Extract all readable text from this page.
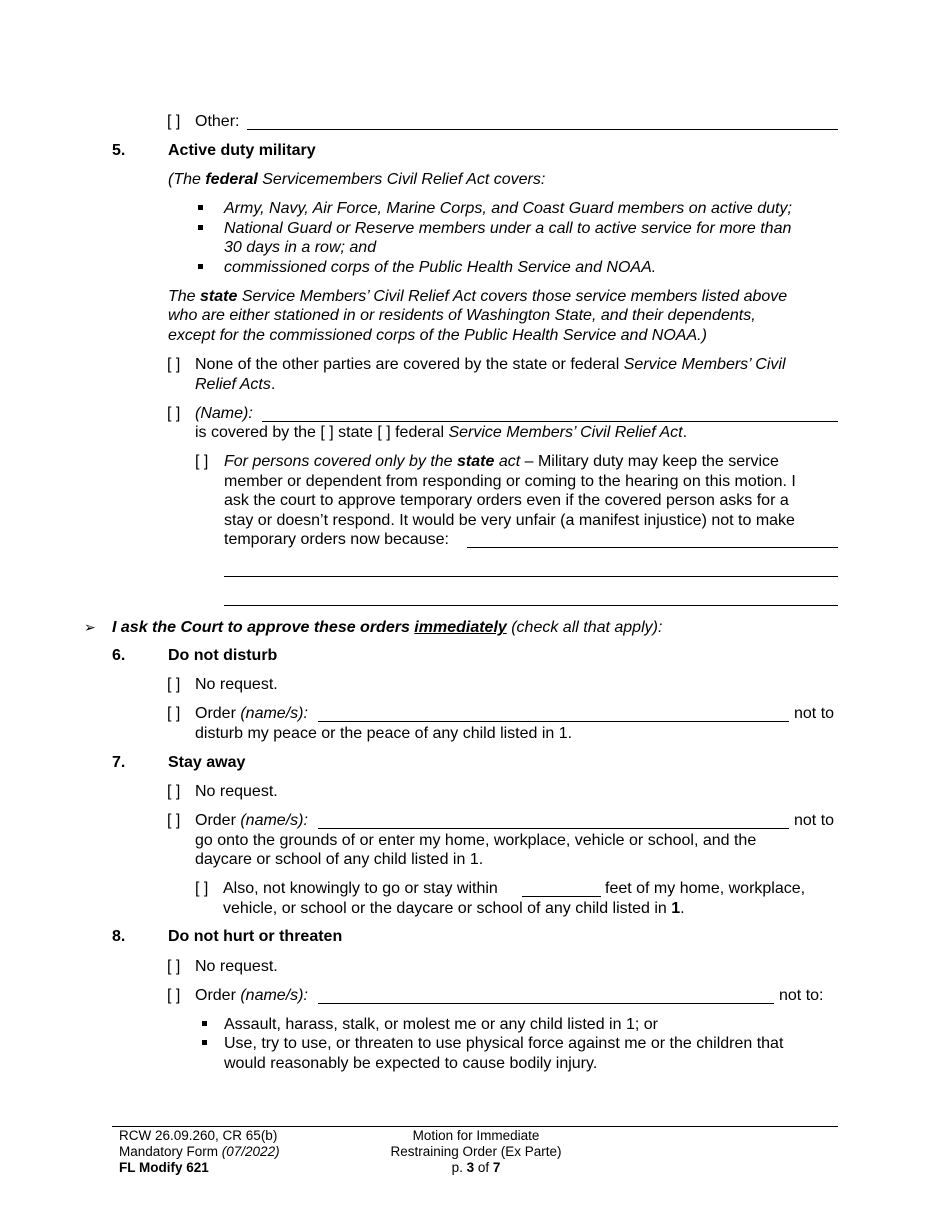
[ ] Other:
5.	Active duty military
(The federal Servicemembers Civil Relief Act covers:
Army, Navy, Air Force, Marine Corps, and Coast Guard members on active duty;
National Guard or Reserve members under a call to active service for more than
30 days in a row; and
commissioned corps of the Public Health Service and NOAA.
The state Service Members’ Civil Relief Act covers those service members listed above
who are either stationed in or residents of Washington State, and their dependents,
except for the commissioned corps of the Public Health Service and NOAA.)
[ ] None of the other parties are covered by the state or federal Service Members’ Civil
Relief Acts.
[ ] (Name):
is covered by the [ ] state [ ] federal Service Members’ Civil Relief Act.
[ ] For persons covered only by the state act – Military duty may keep the service
member or dependent from responding or coming to the hearing on this motion. I
ask the court to approve temporary orders even if the covered person asks for a
stay or doesn’t respond. It would be very unfair (a manifest injustice) not to make
temporary orders now because:
➢ I ask the Court to approve these orders immediately (check all that apply):
6.	Do not disturb
[ ] No request.
[ ] Order (name/s):	not to
disturb my peace or the peace of any child listed in 1.
7.	Stay away
[ ] No request.
[ ] Order (name/s):	not to
go onto the grounds of or enter my home, workplace, vehicle or school, and the
daycare or school of any child listed in 1.
[ ] Also, not knowingly to go or stay within	feet of my home, workplace,
vehicle, or school or the daycare or school of any child listed in 1.
8.	Do not hurt or threaten
[ ] No request.
[ ] Order (name/s):	not to:
Assault, harass, stalk, or molest me or any child listed in 1; or
Use, try to use, or threaten to use physical force against me or the children that
would reasonably be expected to cause bodily injury.
RCW 26.09.260, CR 65(b)
Mandatory Form (07/2022)
FL Modify 621
Motion for Immediate
Restraining Order (Ex Parte)
p. 3 of 7
